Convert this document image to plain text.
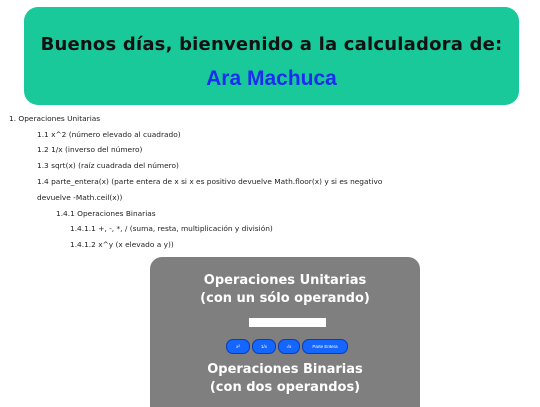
Buenos días, bienvenido a la calculadora de:
Ara Machuca
1. Operaciones Unitarias
1.1 x^2 (número elevado al cuadrado)
1.2 1/x (inverso del número)
1.3 sqrt(x) (raíz cuadrada del número)
1.4 parte_entera(x) (parte entera de x si x es positivo devuelve Math.floor(x) y si es negativo
devuelve -Math.ceil(x))
1.4.1 Operaciones Binarias
1.4.1.1 +, -, *, / (suma, resta, multiplicación y división)
1.4.1.2 x^y (x elevado a y))
Operaciones Unitarias
(con un sólo operando)
x²	1/x	√x	Parte Entera
Operaciones Binarias
(con dos operandos)
